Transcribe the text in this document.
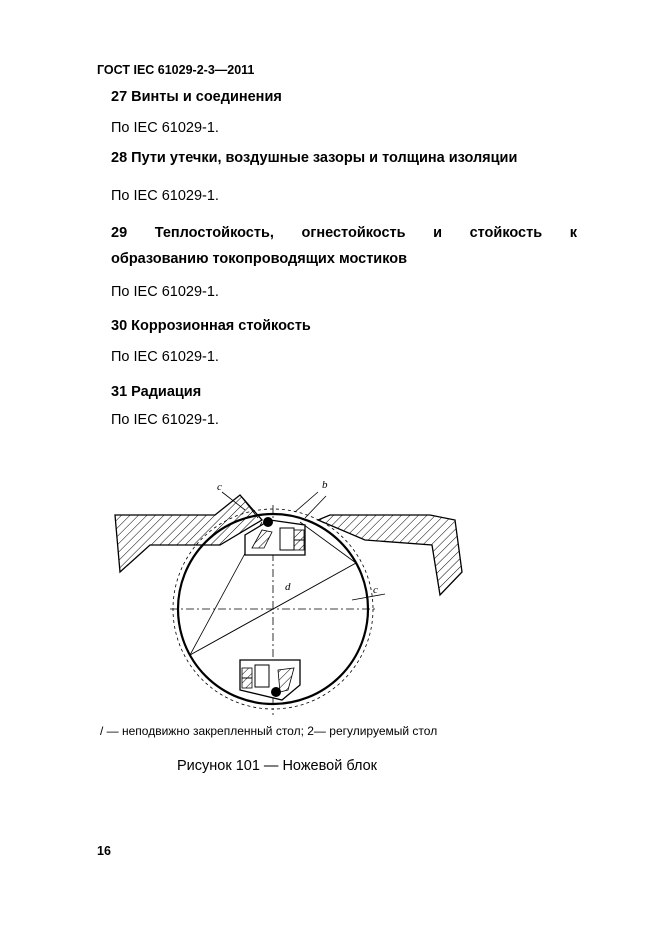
ГОСТ IEC 61029-2-3—2011
27 Винты и соединения
По IEC 61029-1.
28 Пути утечки, воздушные зазоры и толщина изоляции
По IEC 61029-1.
29 Теплостойкость, огнестойкость и стойкость к
образованию токопроводящих мостиков
По IEC 61029-1.
30 Коррозионная стойкость
По IEC 61029-1.
31 Радиация
По IEC 61029-1.
c	b
d	c
/ — неподвижно закрепленный стол; 2— регулируемый стол
Рисунок 101 — Ножевой блок
16
